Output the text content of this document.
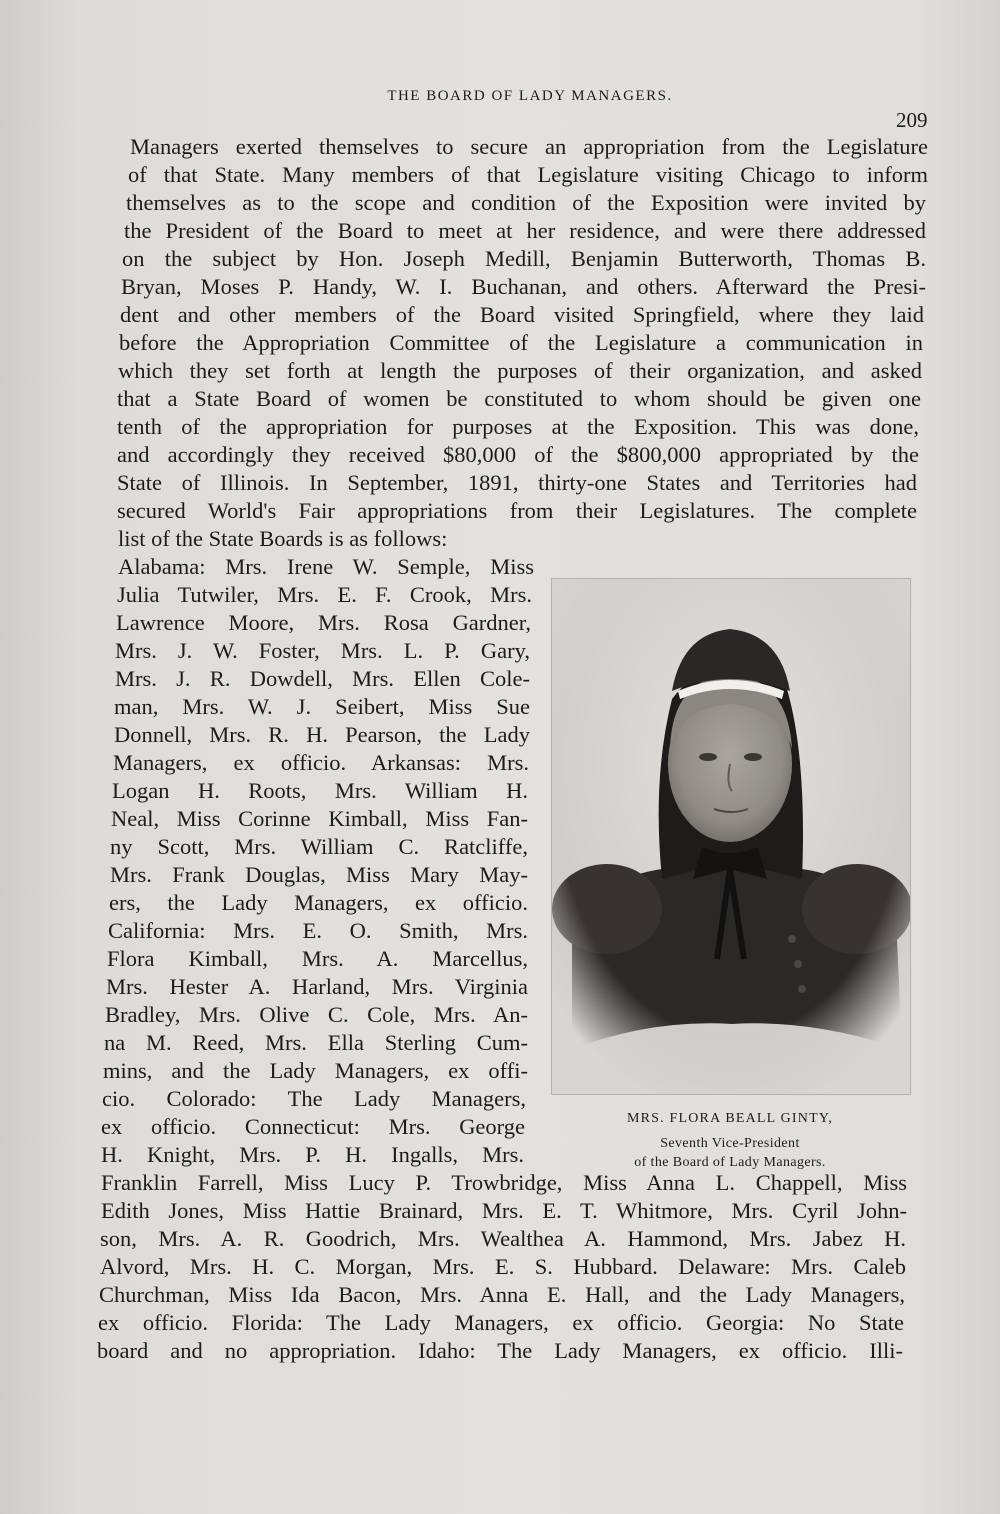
THE BOARD OF LADY MANAGERS.
209
Managers exerted themselves to secure an appropriation from the Legislature
of that State. Many members of that Legislature visiting Chicago to inform
themselves as to the scope and condition of the Exposition were invited by
the President of the Board to meet at her residence, and were there addressed
on the subject by Hon. Joseph Medill, Benjamin Butterworth, Thomas B.
Bryan, Moses P. Handy, W. I. Buchanan, and others. Afterward the Presi-
dent and other members of the Board visited Springfield, where they laid
before the Appropriation Committee of the Legislature a communication in
which they set forth at length the purposes of their organization, and asked
that a State Board of women be constituted to whom should be given one
tenth of the appropriation for purposes at the Exposition. This was done,
and accordingly they received $80,000 of the $800,000 appropriated by the
State of Illinois. In September, 1891, thirty-one States and Territories had
secured World's Fair appropriations from their Legislatures. The complete
list of the State Boards is as follows:
Alabama: Mrs. Irene W. Semple, Miss
Julia Tutwiler, Mrs. E. F. Crook, Mrs.
Lawrence Moore, Mrs. Rosa Gardner,
Mrs. J. W. Foster, Mrs. L. P. Gary,
Mrs. J. R. Dowdell, Mrs. Ellen Cole-
man, Mrs. W. J. Seibert, Miss Sue
Donnell, Mrs. R. H. Pearson, the Lady
Managers, ex officio. Arkansas: Mrs.
Logan H. Roots, Mrs. William H.
Neal, Miss Corinne Kimball, Miss Fan-
ny Scott, Mrs. William C. Ratcliffe,
Mrs. Frank Douglas, Miss Mary May-
ers, the Lady Managers, ex officio.
California: Mrs. E. O. Smith, Mrs.
Flora Kimball, Mrs. A. Marcellus,
Mrs. Hester A. Harland, Mrs. Virginia
Bradley, Mrs. Olive C. Cole, Mrs. An-
na M. Reed, Mrs. Ella Sterling Cum-
mins, and the Lady Managers, ex offi-
cio. Colorado: The Lady Managers,
ex officio. Connecticut: Mrs. George
H. Knight, Mrs. P. H. Ingalls, Mrs.
Franklin Farrell, Miss Lucy P. Trowbridge, Miss Anna L. Chappell, Miss
Edith Jones, Miss Hattie Brainard, Mrs. E. T. Whitmore, Mrs. Cyril John-
son, Mrs. A. R. Goodrich, Mrs. Wealthea A. Hammond, Mrs. Jabez H.
Alvord, Mrs. H. C. Morgan, Mrs. E. S. Hubbard. Delaware: Mrs. Caleb
Churchman, Miss Ida Bacon, Mrs. Anna E. Hall, and the Lady Managers,
ex officio. Florida: The Lady Managers, ex officio. Georgia: No State
board and no appropriation. Idaho: The Lady Managers, ex officio. Illi-
MRS. FLORA BEALL GINTY,
Seventh Vice-President
of the Board of Lady Managers.
